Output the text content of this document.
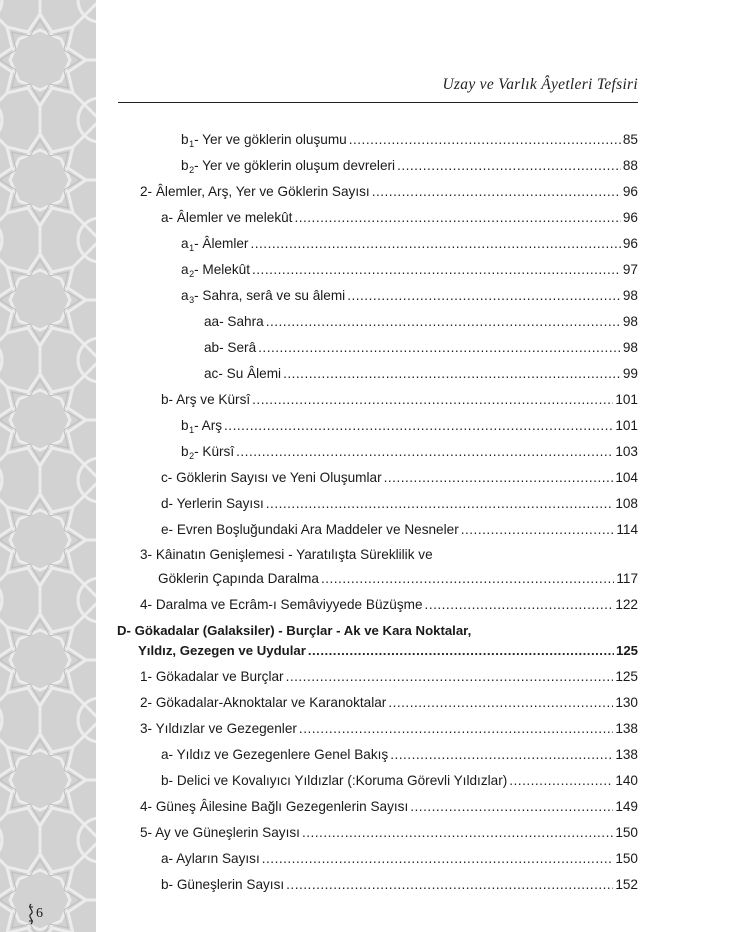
Uzay ve Varlık Âyetleri Tefsiri
$b_1-$ Yer ve göklerin oluşumu .....	85
$b_2-$ Yer ve göklerin oluşum devreleri .....	88
2- Âlemler, Arş, Yer ve Göklerin Sayısı .....	96
a- Âlemler ve melekût .....	96
$a_1-$ Âlemler .....	96
$a_2-$ Melekût .....	97
$a_3-$ Sahra, serâ ve su âlemi .....	98
aa- Sahra .....	98
ab- Serâ .....	98
ac- Su Âlemi .....	99
b- Arş ve Kürsî .....	101
$b_1-$ Arş .....	101
$b_2-$ Kürsî .....	103
c- Göklerin Sayısı ve Yeni Oluşumlar .....	104
d- Yerlerin Sayısı .....	108
e- Evren Boşluğundaki Ara Maddeler ve Nesneler .....	114
3- Kâinatın Genişlemesi - Yaratılışta Süreklilik ve
Göklerin Çapında Daralma .....	117
4- Daralma ve Ecrâm-ı Semâviyyede Büzüşme .....	122
D- Gökadalar (Galaksiler) - Burçlar - Ak ve Kara Noktalar,
Yıldız, Gezegen ve Uydular .....	125
1- Gökadalar ve Burçlar .....	125
2- Gökadalar-Aknoktalar ve Karanoktalar .....	130
3- Yıldızlar ve Gezegenler .....	138
a- Yıldız ve Gezegenlere Genel Bakış .....	138
b- Delici ve Kovalıyıcı Yıldızlar (:Koruma Görevli Yıldızlar) .....	140
4- Güneş Âilesine Bağlı Gezegenlerin Sayısı .....	149
5- Ay ve Güneşlerin Sayısı .....	150
a- Ayların Sayısı .....	150
b- Güneşlerin Sayısı .....	152
6
